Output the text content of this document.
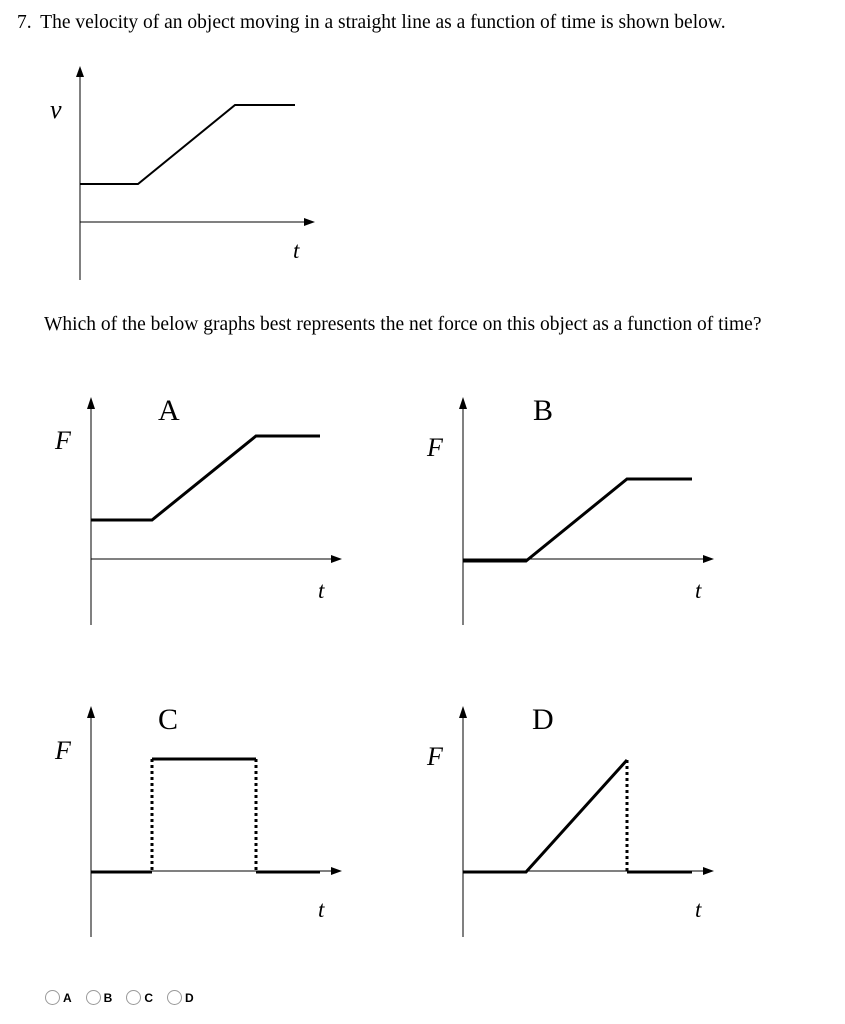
7. The velocity of an object moving in a straight line as a function of time is shown below.
Which of the below graphs best represents the net force on this object as a function of time?
v
t
A
F
t
B
F
t
C
F
t
D
F
t
A	B	C	D
